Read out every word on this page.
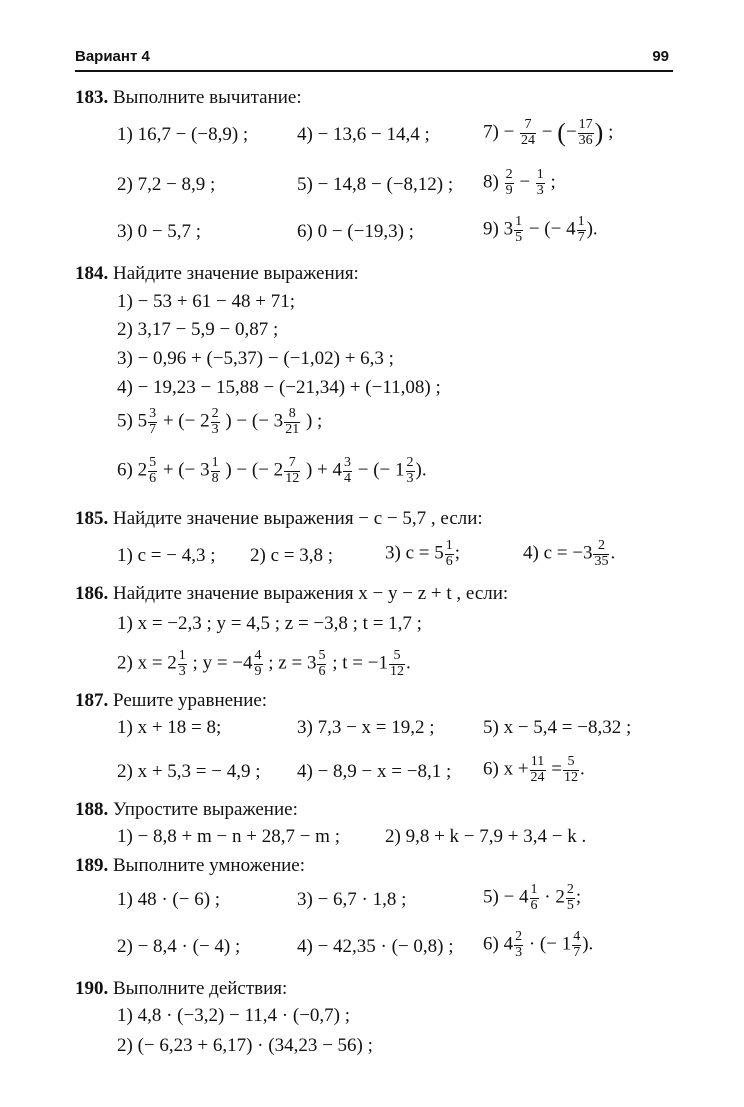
Вариант 4	99
183. Выполните вычитание:
1) 16,7 − (−8,9) ;	4) − 13,6 − 14,4 ;	$7) - \frac{7}{24}$ − (− $\frac{17}{36}$ ) ;
2) 7,2 − 8,9 ;	5) − 14,8 − (−8,12) ; $8) \frac{2}{9} - \frac{1}{3}$ ;
3) 0 − 5,7 ;	6) 0 − (−19,3) ;	9) $3 \frac{1}{5}$ − (− $4 \frac{1}{7}$ ).
184. Найдите значение выражения:
1) − 53 + 61 − 48 + 71;
2) 3,17 − 5,9 − 0,87 ;
3) − 0,96 + (−5,37) − (−1,02) + 6,3 ;
4) − 19,23 − 15,88 − (−21,34) + (−11,08) ;
5) $5 \frac{3}{7}$ + (− $2 \frac{2}{3}$ ) − (− $3 \frac{8}{21}$ ) ;
6) $2 \frac{5}{6}$ + (− $3 \frac{1}{8}$ ) − (− $2 \frac{7}{12}$ ) + $4 \frac{3}{4}$ − (− $1 \frac{2}{3}$ ).
185. Найдите значение выражения − c − 5,7 , если:
1) c = − 4,3 ; 2) c = 3,8 ;	3) $c = 5 \frac{1}{6}$ ;	4) $c = -3 \frac{2}{35}$ .
186. Найдите значение выражения x − y − z + t , если:
1) x = −2,3 ; y = 4,5 ; z = −3,8 ; t = 1,7 ;
2) $x = 2 \frac{1}{3}$ ; $y = -4 \frac{4}{9}$ ; $z = 3 \frac{5}{6}$ ; $t = -1 \frac{5}{12}$ .
187. Решите уравнение:
1) x + 18 = 8;	3) 7,3 − x = 19,2 ;	5) x − 5,4 = −8,32 ;
2) x + 5,3 = − 4,9 ; 4) − 8,9 − x = −8,1 ; 6) $x + \frac{11}{24} = \frac{5}{12}$ .
188. Упростите выражение:
1) − 8,8 + m − n + 28,7 − m ; 2) 9,8 + k − 7,9 + 3,4 − k .
189. Выполните умножение:
1) 48 · (− 6) ;	3) − 6,7 · 1,8 ;	$5) - 4 \frac{1}{6} \cdot 2 \frac{2}{5}$ ;
2) − 8,4 · (− 4) ;	4) − 42,35 · (− 0,8) ; 6) $4 \frac{2}{3}$ · (− $1 \frac{4}{7}$ ).
190. Выполните действия:
1) 4,8 · (−3,2) − 11,4 · (−0,7) ;
2) (− 6,23 + 6,17) · (34,23 − 56) ;
